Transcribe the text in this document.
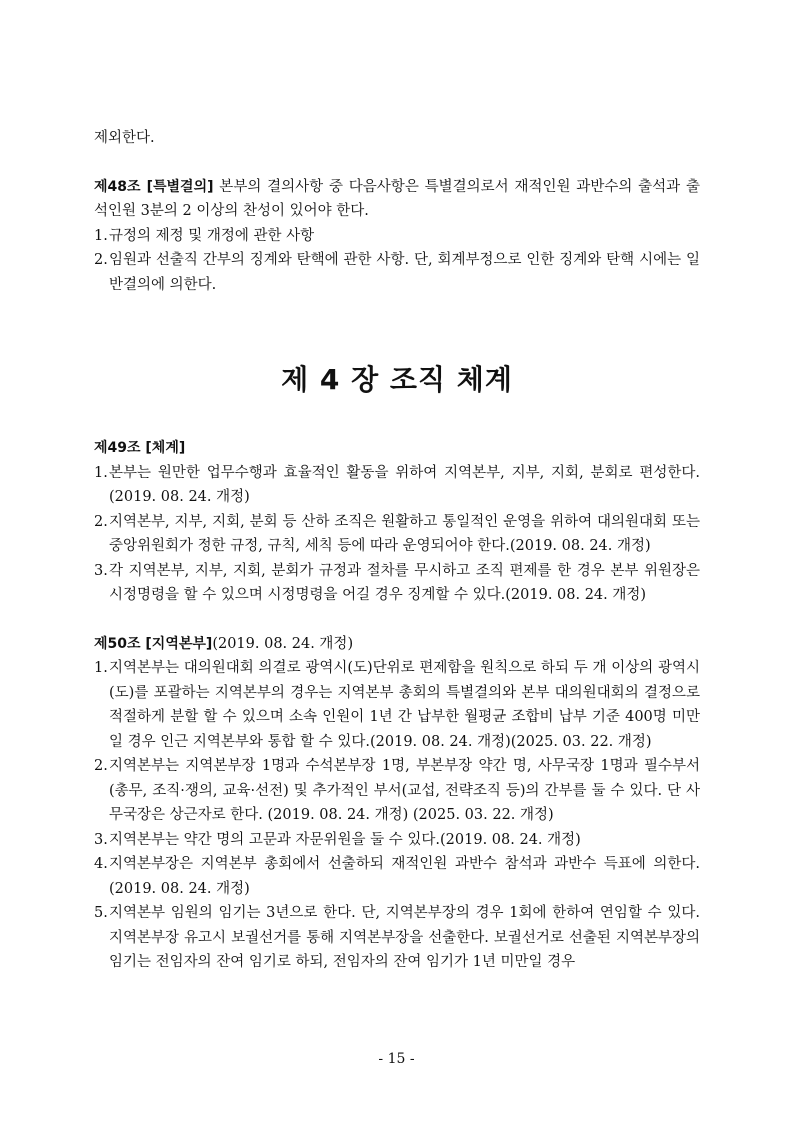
제외한다.
제48조 [특별결의] 본부의 결의사항 중 다음사항은 특별결의로서 재적인원 과반수의 출석과 출석인원 3분의 2 이상의 찬성이 있어야 한다.
1. 규정의 제정 및 개정에 관한 사항
2. 임원과 선출직 간부의 징계와 탄핵에 관한 사항. 단, 회계부정으로 인한 징계와 탄핵 시에는 일반결의에 의한다.
제 4 장 조직 체계
제49조 [체계]
1. 본부는 원만한 업무수행과 효율적인 활동을 위하여 지역본부, 지부, 지회, 분회로 편성한다.(2019. 08. 24. 개정)
2. 지역본부, 지부, 지회, 분회 등 산하 조직은 원활하고 통일적인 운영을 위하여 대의원대회 또는 중앙위원회가 정한 규정, 규칙, 세칙 등에 따라 운영되어야 한다.(2019. 08. 24. 개정)
3. 각 지역본부, 지부, 지회, 분회가 규정과 절차를 무시하고 조직 편제를 한 경우 본부 위원장은 시정명령을 할 수 있으며 시정명령을 어길 경우 징계할 수 있다.(2019. 08. 24. 개정)
제50조 [지역본부](2019. 08. 24. 개정)
1. 지역본부는 대의원대회 의결로 광역시(도)단위로 편제함을 원칙으로 하되 두 개 이상의 광역시(도)를 포괄하는 지역본부의 경우는 지역본부 총회의 특별결의와 본부 대의원대회의 결정으로 적절하게 분할 할 수 있으며 소속 인원이 1년 간 납부한 월평균 조합비 납부 기준 400명 미만일 경우 인근 지역본부와 통합 할 수 있다.(2019. 08. 24. 개정)(2025. 03. 22. 개정)
2. 지역본부는 지역본부장 1명과 수석본부장 1명, 부본부장 약간 명, 사무국장 1명과 필수부서(총무, 조직·쟁의, 교육·선전) 및 추가적인 부서(교섭, 전략조직 등)의 간부를 둘 수 있다. 단 사무국장은 상근자로 한다. (2019. 08. 24. 개정) (2025. 03. 22. 개정)
3. 지역본부는 약간 명의 고문과 자문위원을 둘 수 있다.(2019. 08. 24. 개정)
4. 지역본부장은 지역본부 총회에서 선출하되 재적인원 과반수 참석과 과반수 득표에 의한다.(2019. 08. 24. 개정)
5. 지역본부 임원의 임기는 3년으로 한다. 단, 지역본부장의 경우 1회에 한하여 연임할 수 있다. 지역본부장 유고시 보궐선거를 통해 지역본부장을 선출한다. 보궐선거로 선출된 지역본부장의 임기는 전임자의 잔여 임기로 하되, 전임자의 잔여 임기가 1년 미만일 경우
- 15 -
